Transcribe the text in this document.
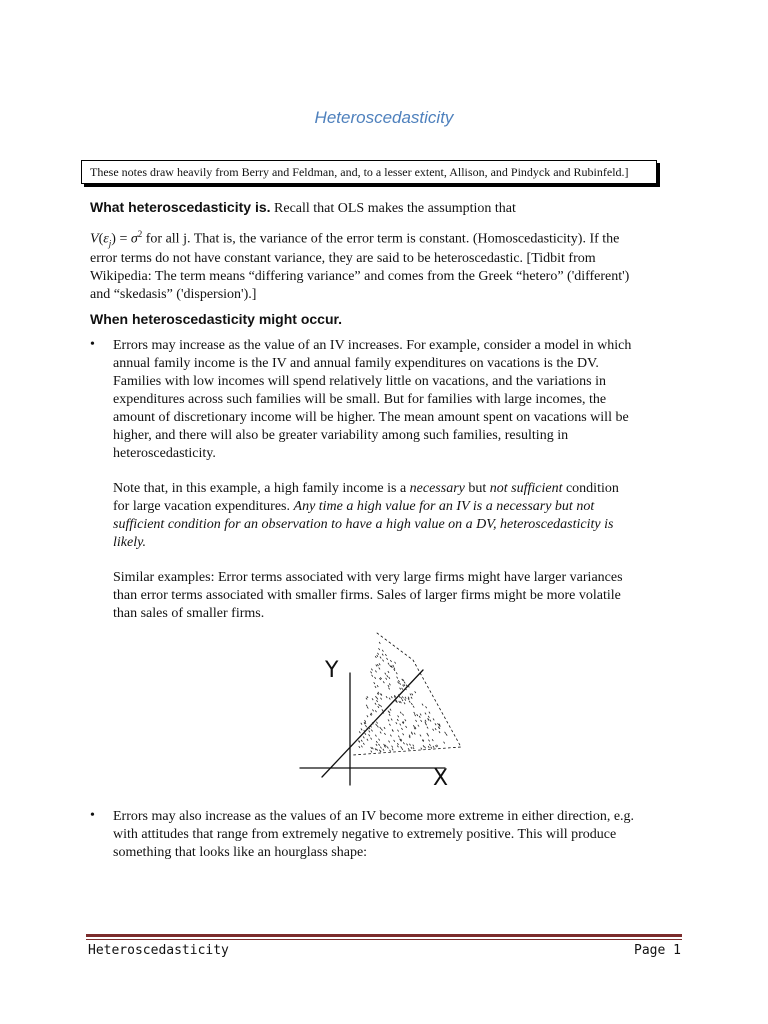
Heteroscedasticity
These notes draw heavily from Berry and Feldman, and, to a lesser extent, Allison, and Pindyck and Rubinfeld.]
What heteroscedasticity is. Recall that OLS makes the assumption that
$V(\varepsilon_j) = \sigma^2$ for all j. That is, the variance of the error term is constant. (Homoscedasticity). If the
error terms do not have constant variance, they are said to be heteroscedastic. [Tidbit from
Wikipedia: The term means “differing variance” and comes from the Greek “hetero” ('different')
and “skedasis” ('dispersion').]
When heteroscedasticity might occur.
• Errors may increase as the value of an IV increases. For example, consider a model in which
annual family income is the IV and annual family expenditures on vacations is the DV.
Families with low incomes will spend relatively little on vacations, and the variations in
expenditures across such families will be small. But for families with large incomes, the
amount of discretionary income will be higher. The mean amount spent on vacations will be
higher, and there will also be greater variability among such families, resulting in
heteroscedasticity.
Note that, in this example, a high family income is a necessary but not sufficient condition
for large vacation expenditures. Any time a high value for an IV is a necessary but not
sufficient condition for an observation to have a high value on a DV, heteroscedasticity is
likely.
Similar examples: Error terms associated with very large firms might have larger variances
than error terms associated with smaller firms. Sales of larger firms might be more volatile
than sales of smaller firms.
Y
X
• Errors may also increase as the values of an IV become more extreme in either direction, e.g.
with attitudes that range from extremely negative to extremely positive. This will produce
something that looks like an hourglass shape:
Heteroscedasticity	Page 1
